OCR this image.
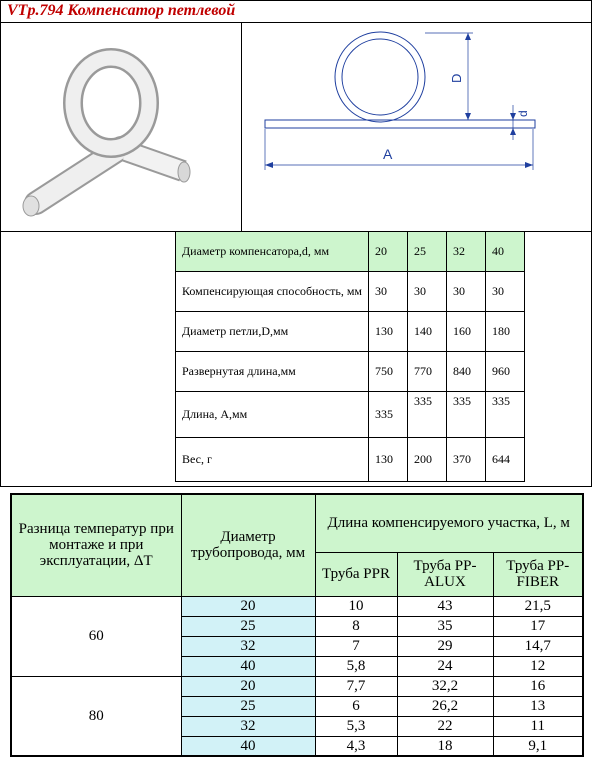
VTp.794 Компенсатор петлевой
D
d
A
Диаметр компенсатора,d, мм	20	25	32	40
Компенсирующая способность, мм	30	30	30	30
Диаметр петли,D,мм	130	140	160	180
Развернутая длина,мм	750	770	840	960
Длина, А,мм	335	335	335	335
Вес, г	130	200	370	644
Разница температур при монтаже и при эксплуатации, ΔT	Диаметр трубопровода, мм	Длина компенсируемого участка, L, м		
		Труба PPR	Труба PP-ALUX	Труба PP-FIBER
60	20	10	43	21,5
	25	8	35	17
	32	7	29	14,7
	40	5,8	24	12
80	20	7,7	32,2	16
	25	6	26,2	13
	32	5,3	22	11
	40	4,3	18	9,1
